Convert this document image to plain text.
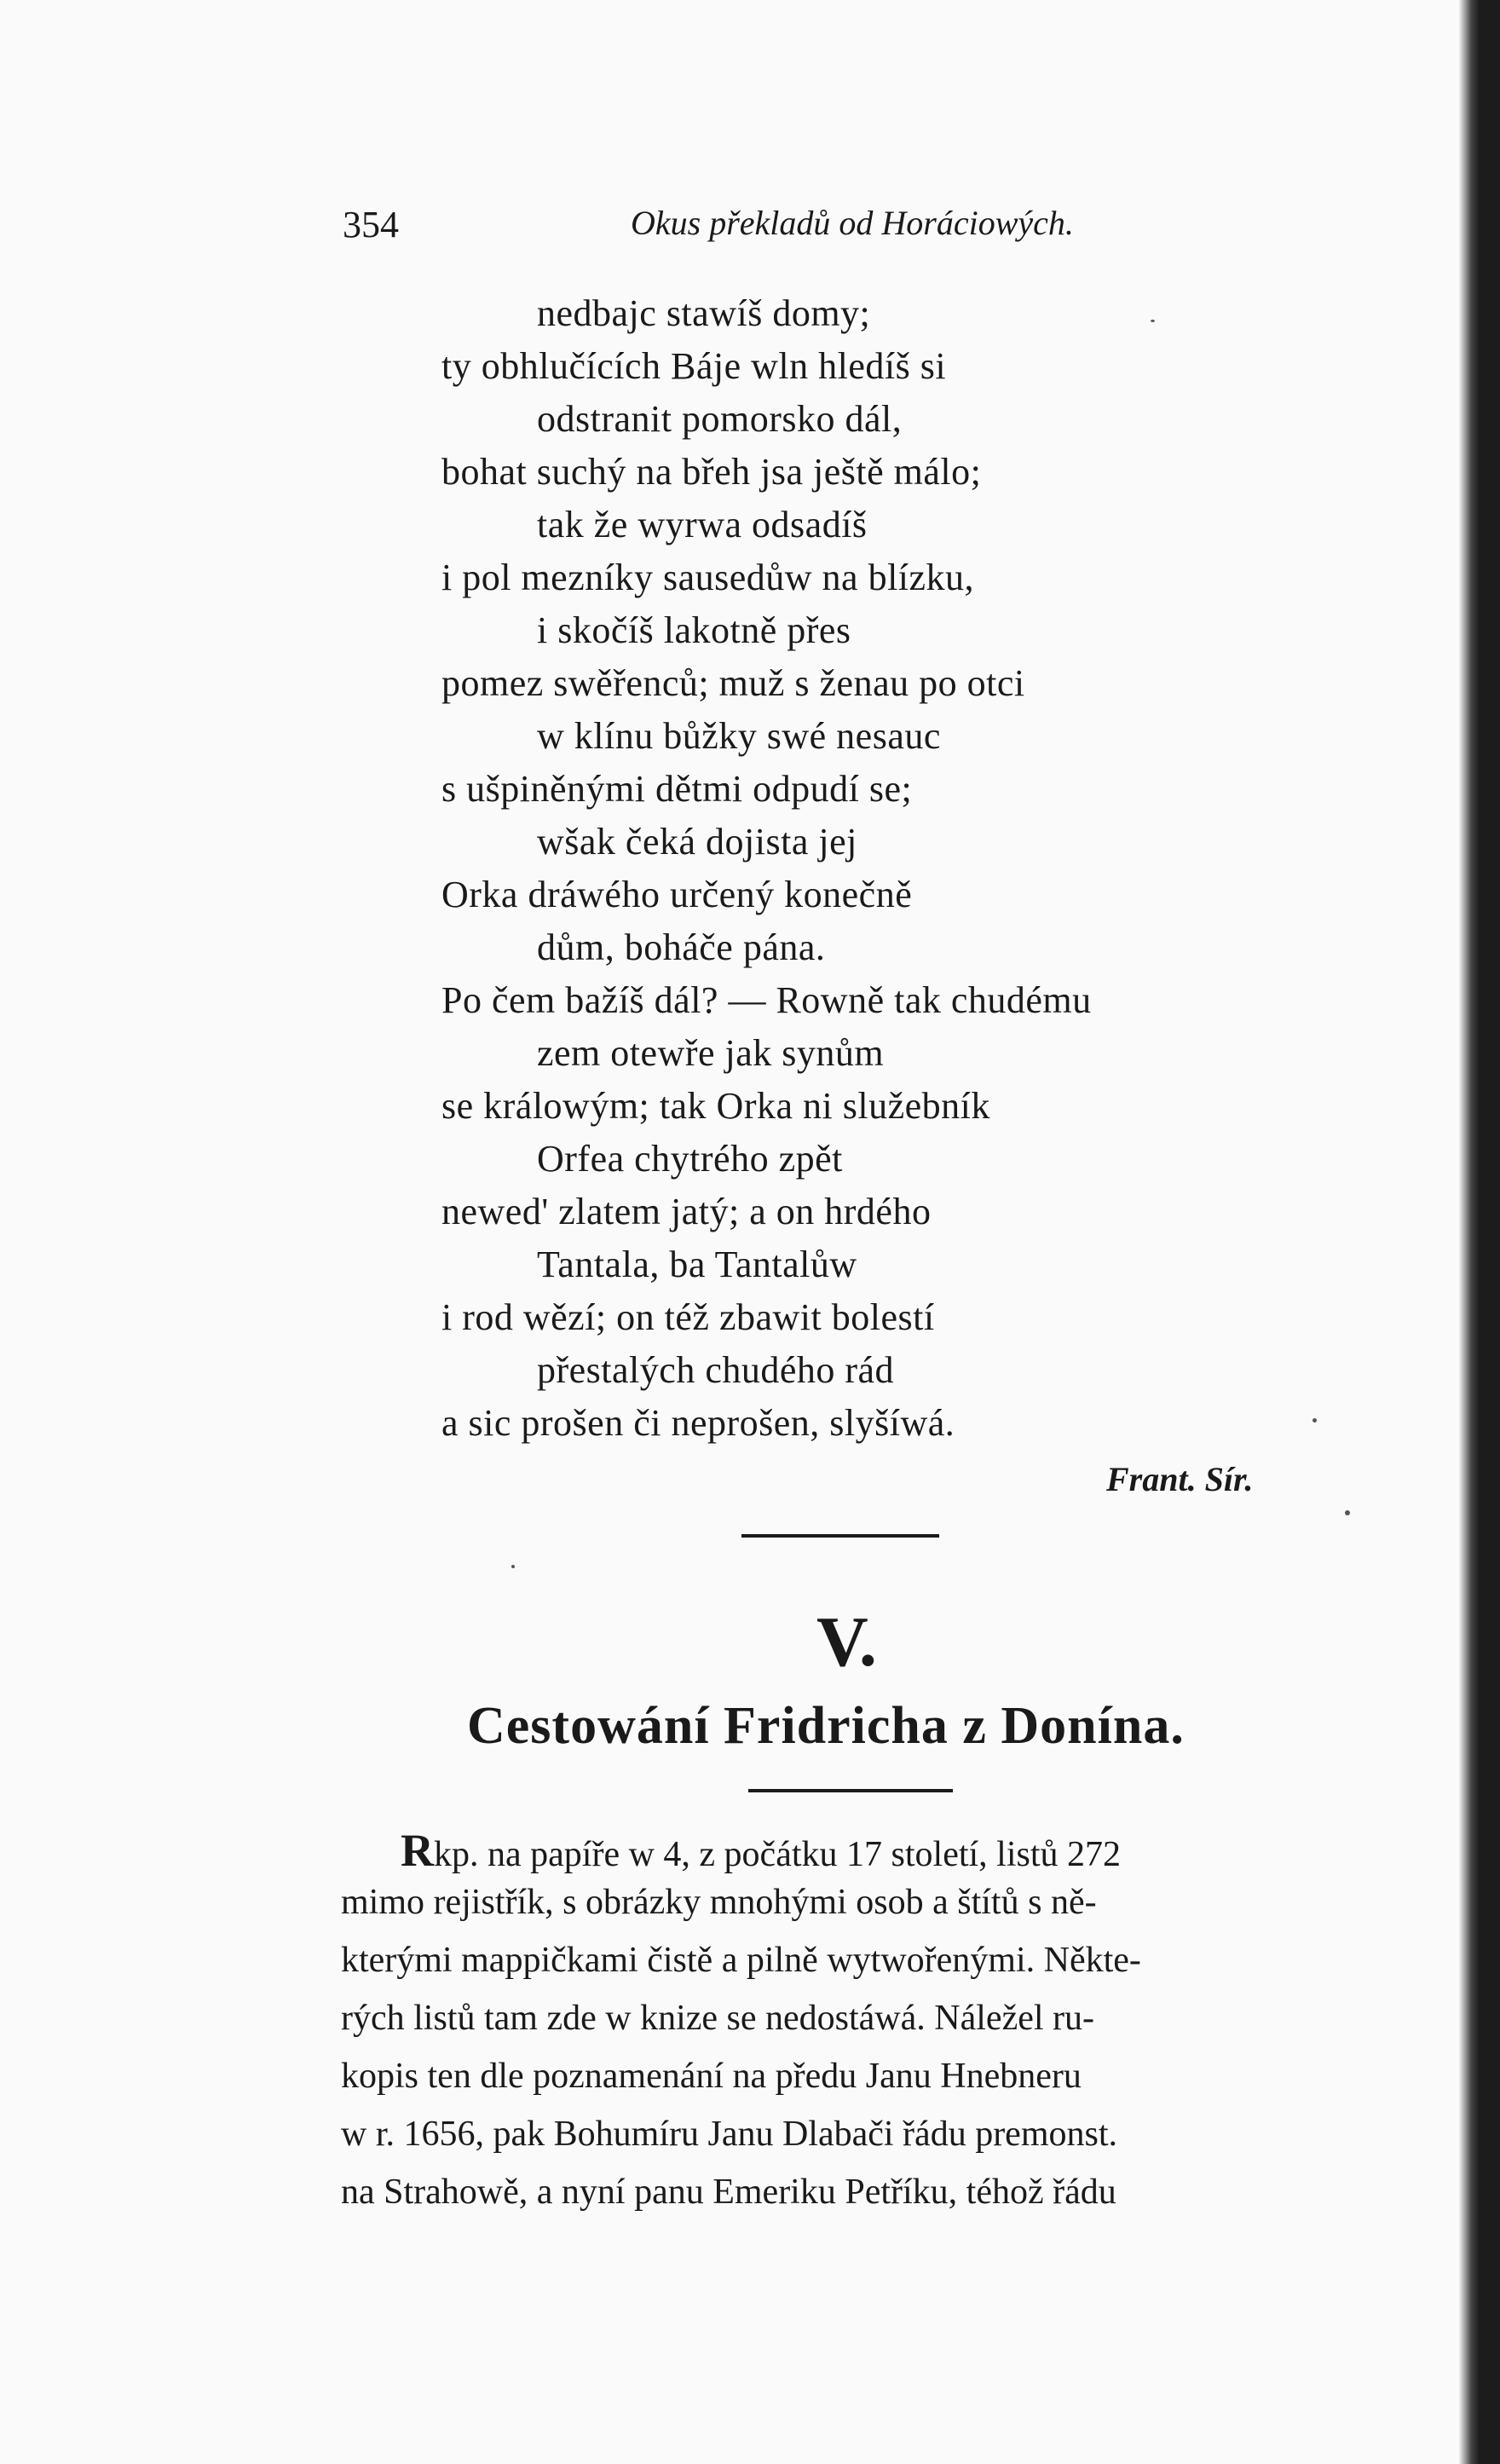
354	Okus překladů od Horáciowých.
nedbajc stawíš domy;
ty obhlučících Báje wln hledíš si
odstranit pomorsko dál,
bohat suchý na břeh jsa ještě málo;
tak že wyrwa odsadíš
i pol mezníky sausedůw na blízku,
i skočíš lakotně přes
pomez swěřenců; muž s ženau po otci
w klínu bůžky swé nesauc
s ušpiněnými dětmi odpudí se;
wšak čeká dojista jej
Orka dráwého určený konečně
dům, boháče pána.
Po čem bažíš dál? — Rowně tak chudému
zem otewře jak synům
se králowým; tak Orka ni služebník
Orfea chytrého zpět
newed' zlatem jatý; a on hrdého
Tantala, ba Tantalůw
i rod wězí; on též zbawit bolestí
přestalých chudého rád
a sic prošen či neprošen, slyšíwá.
Frant. Sír.
V.
Cestowání Fridricha z Donína.
Rkp. na papíře w 4, z počátku 17 století, listů 272
mimo rejistřík, s obrázky mnohými osob a štítů s ně-
kterými mappičkami čistě a pilně wytwořenými. Někte-
rých listů tam zde w knize se nedostáwá. Náležel ru-
kopis ten dle poznamenání na předu Janu Hnebneru
w r. 1656, pak Bohumíru Janu Dlabači řádu premonst.
na Strahowě, a nyní panu Emeriku Petříku, téhož řádu
